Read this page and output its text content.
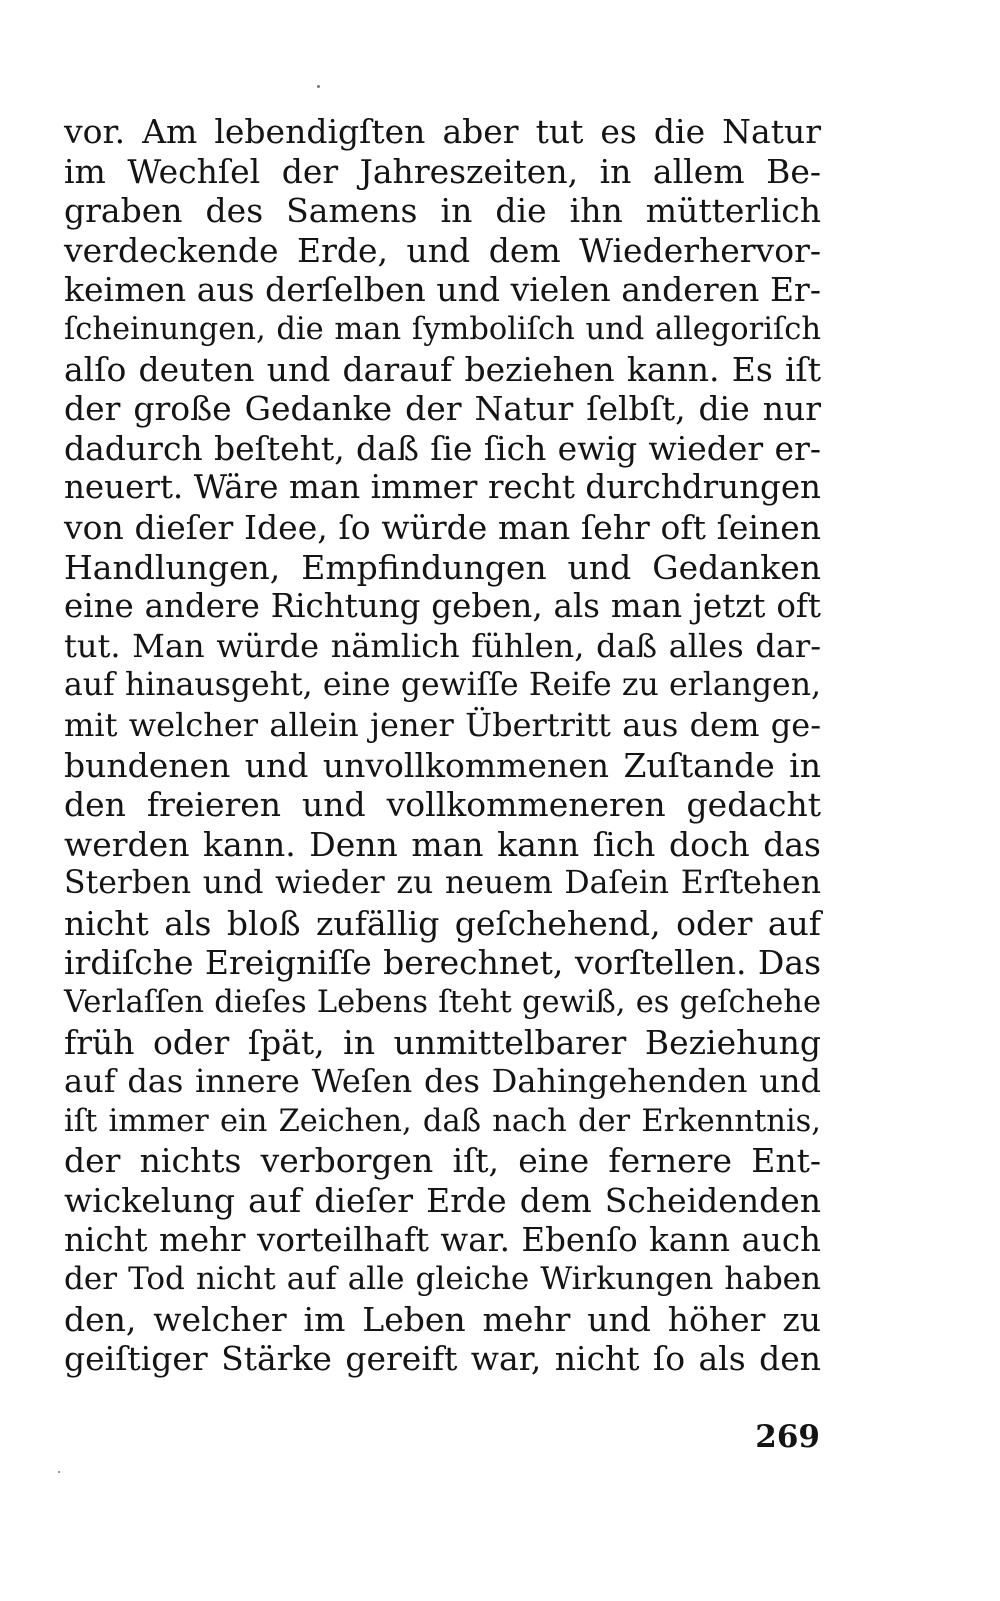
vor. Am lebendigſten aber tut es die Natur
im Wechſel der Jahreszeiten, in allem Be-
graben des Samens in die ihn mütterlich
verdeckende Erde, und dem Wiederhervor-
keimen aus derſelben und vielen anderen Er-
ſcheinungen, die man ſymboliſch und allegoriſch
alſo deuten und darauf beziehen kann. Es iſt
der große Gedanke der Natur ſelbſt, die nur
dadurch beſteht, daß ſie ſich ewig wieder er-
neuert. Wäre man immer recht durchdrungen
von dieſer Idee, ſo würde man ſehr oft ſeinen
Handlungen, Empfindungen und Gedanken
eine andere Richtung geben, als man jetzt oft
tut. Man würde nämlich fühlen, daß alles dar-
auf hinausgeht, eine gewiſſe Reife zu erlangen,
mit welcher allein jener Übertritt aus dem ge-
bundenen und unvollkommenen Zuſtande in
den freieren und vollkommeneren gedacht
werden kann. Denn man kann ſich doch das
Sterben und wieder zu neuem Daſein Erſtehen
nicht als bloß zufällig geſchehend, oder auf
irdiſche Ereigniſſe berechnet, vorſtellen. Das
Verlaſſen dieſes Lebens ſteht gewiß, es geſchehe
früh oder ſpät, in unmittelbarer Beziehung
auf das innere Weſen des Dahingehenden und
iſt immer ein Zeichen, daß nach der Erkenntnis,
der nichts verborgen iſt, eine fernere Ent-
wickelung auf dieſer Erde dem Scheidenden
nicht mehr vorteilhaft war. Ebenſo kann auch
der Tod nicht auf alle gleiche Wirkungen haben
den, welcher im Leben mehr und höher zu
geiſtiger Stärke gereift war, nicht ſo als den
269
